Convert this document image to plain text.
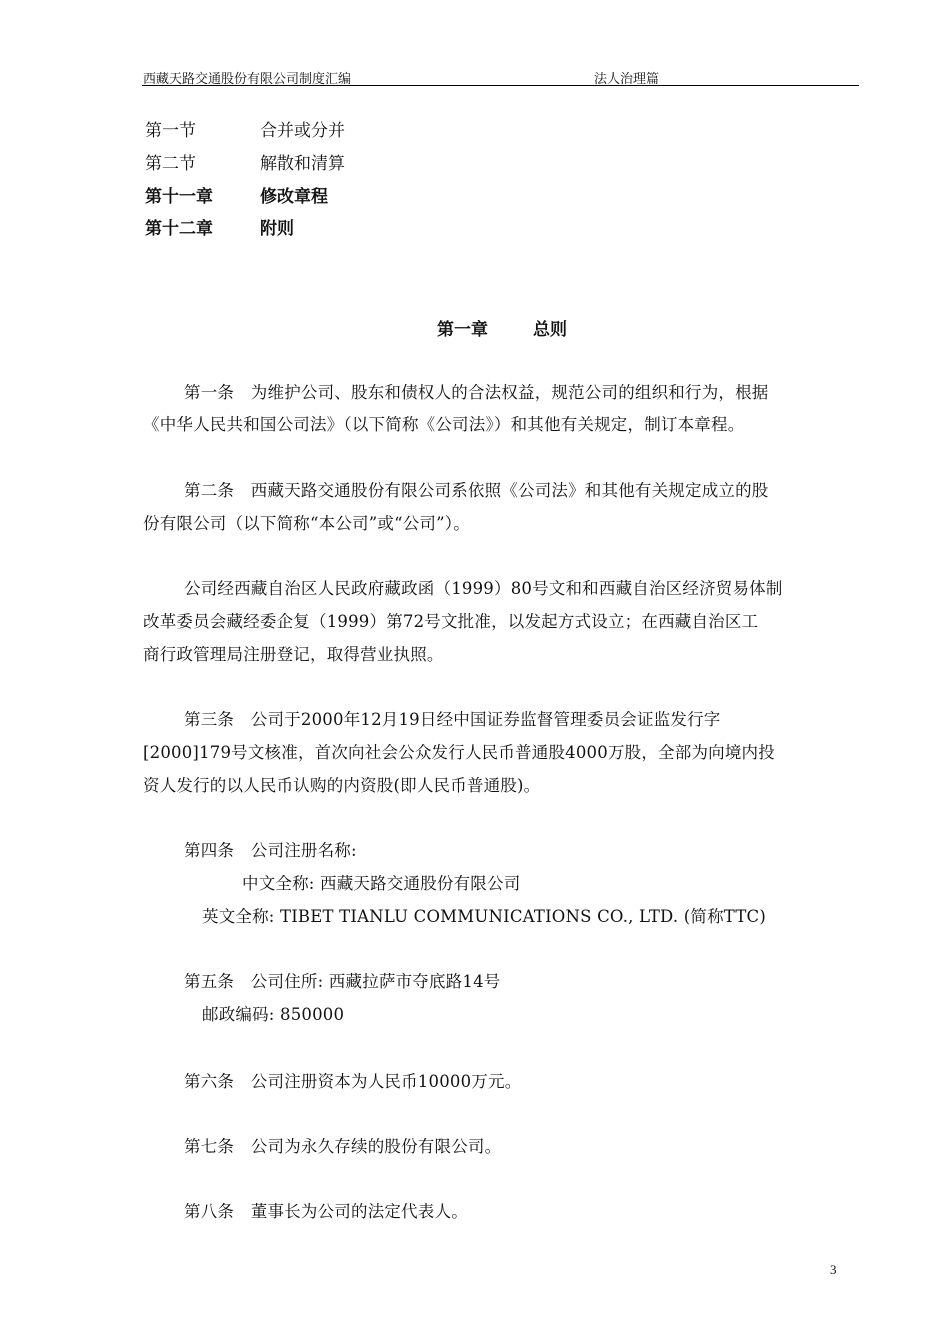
西藏天路交通股份有限公司制度汇编	法人治理篇
第一节	合并或分并
第二节	解散和清算
第十一章	修改章程
第十二章	附则
第一章	总则
第一条　为维护公司、股东和债权人的合法权益，规范公司的组织和行为，根据
《中华人民共和国公司法》（以下简称《公司法》）和其他有关规定，制订本章程。
第二条　西藏天路交通股份有限公司系依照《公司法》和其他有关规定成立的股
份有限公司（以下简称“本公司”或“公司”）。
公司经西藏自治区人民政府藏政函（1999）80号文和和西藏自治区经济贸易体制
改革委员会藏经委企复（1999）第72号文批准，以发起方式设立；在西藏自治区工
商行政管理局注册登记，取得营业执照。
第三条　公司于2000年12月19日经中国证券监督管理委员会证监发行字
[2000]179号文核准，首次向社会公众发行人民币普通股4000万股，全部为向境内投
资人发行的以人民币认购的内资股(即人民币普通股)。
第四条　公司注册名称:
中文全称: 西藏天路交通股份有限公司
英文全称: TIBET TIANLU COMMUNICATIONS CO., LTD. (简称TTC)
第五条　公司住所: 西藏拉萨市夺底路14号
邮政编码: 850000
第六条　公司注册资本为人民币10000万元。
第七条　公司为永久存续的股份有限公司。
第八条　董事长为公司的法定代表人。
3
